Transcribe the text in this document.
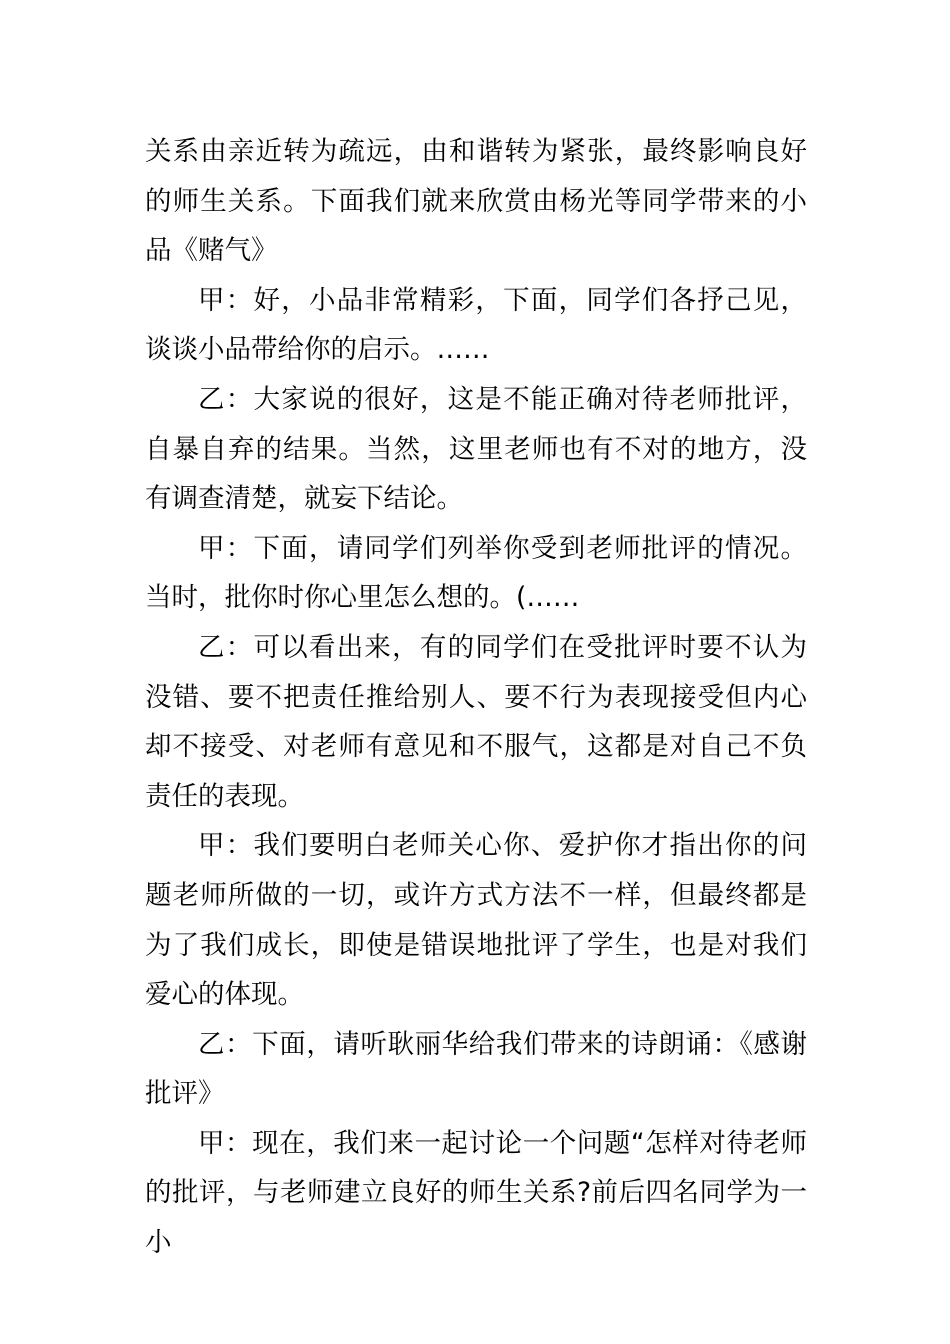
关系由亲近转为疏远，由和谐转为紧张，最终影响良好的师生关系。下面我们就来欣赏由杨光等同学带来的小品《赌气》

甲：好，小品非常精彩，下面，同学们各抒己见，谈谈小品带给你的启示。……

乙：大家说的很好，这是不能正确对待老师批评，自暴自弃的结果。当然，这里老师也有不对的地方，没有调查清楚，就妄下结论。

甲：下面，请同学们列举你受到老师批评的情况。当时，批你时你心里怎么想的。(……

乙：可以看出来，有的同学们在受批评时要不认为没错、要不把责任推给别人、要不行为表现接受但内心却不接受、对老师有意见和不服气，这都是对自己不负责任的表现。

甲：我们要明白老师关心你、爱护你才指出你的问题老师所做的一切，或许方式方法不一样，但最终都是为了我们成长，即使是错误地批评了学生，也是对我们爱心的体现。

乙：下面，请听耿丽华给我们带来的诗朗诵：《感谢批评》

甲：现在，我们来一起讨论一个问题“怎样对待老师的批评，与老师建立良好的师生关系?前后四名同学为一小
